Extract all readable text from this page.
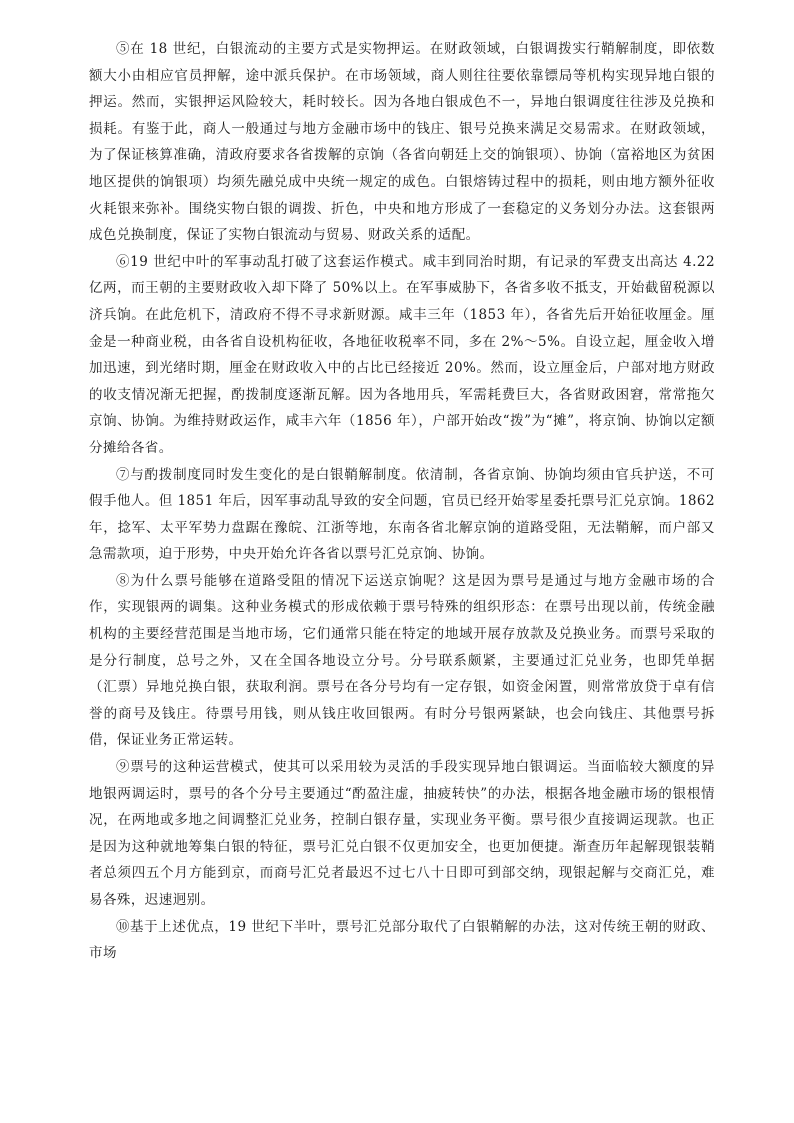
⑤在 18 世纪，白银流动的主要方式是实物押运。在财政领域，白银调拨实行鞘解制度，即依数额大小由相应官员押解，途中派兵保护。在市场领域，商人则往往要依靠镖局等机构实现异地白银的押运。然而，实银押运风险较大，耗时较长。因为各地白银成色不一，异地白银调度往往涉及兑换和损耗。有鉴于此，商人一般通过与地方金融市场中的钱庄、银号兑换来满足交易需求。在财政领域，为了保证核算准确，清政府要求各省拨解的京饷（各省向朝廷上交的饷银项）、协饷（富裕地区为贫困地区提供的饷银项）均须先融兑成中央统一规定的成色。白银熔铸过程中的损耗，则由地方额外征收火耗银来弥补。围绕实物白银的调拨、折色，中央和地方形成了一套稳定的义务划分办法。这套银两成色兑换制度，保证了实物白银流动与贸易、财政关系的适配。

⑥19 世纪中叶的军事动乱打破了这套运作模式。咸丰到同治时期，有记录的军费支出高达 4.22 亿两，而王朝的主要财政收入却下降了 50%以上。在军事威胁下，各省多收不抵支，开始截留税源以济兵饷。在此危机下，清政府不得不寻求新财源。咸丰三年（1853 年），各省先后开始征收厘金。厘金是一种商业税，由各省自设机构征收，各地征收税率不同，多在 2%～5%。自设立起，厘金收入增加迅速，到光绪时期，厘金在财政收入中的占比已经接近 20%。然而，设立厘金后，户部对地方财政的收支情况渐无把握，酌拨制度逐渐瓦解。因为各地用兵，军需耗费巨大，各省财政困窘，常常拖欠京饷、协饷。为维持财政运作，咸丰六年（1856 年），户部开始改“拨”为“摊”，将京饷、协饷以定额分摊给各省。

⑦与酌拨制度同时发生变化的是白银鞘解制度。依清制，各省京饷、协饷均须由官兵护送，不可假手他人。但 1851 年后，因军事动乱导致的安全问题，官员已经开始零星委托票号汇兑京饷。1862 年，捻军、太平军势力盘踞在豫皖、江浙等地，东南各省北解京饷的道路受阻，无法鞘解，而户部又急需款项，迫于形势，中央开始允许各省以票号汇兑京饷、协饷。

⑧为什么票号能够在道路受阻的情况下运送京饷呢？这是因为票号是通过与地方金融市场的合作，实现银两的调集。这种业务模式的形成依赖于票号特殊的组织形态：在票号出现以前，传统金融机构的主要经营范围是当地市场，它们通常只能在特定的地域开展存放款及兑换业务。而票号采取的是分行制度，总号之外，又在全国各地设立分号。分号联系颇紧，主要通过汇兑业务，也即凭单据（汇票）异地兑换白银，获取利润。票号在各分号均有一定存银，如资金闲置，则常常放贷于卓有信誉的商号及钱庄。待票号用钱，则从钱庄收回银两。有时分号银两紧缺，也会向钱庄、其他票号拆借，保证业务正常运转。

⑨票号的这种运营模式，使其可以采用较为灵活的手段实现异地白银调运。当面临较大额度的异地银两调运时，票号的各个分号主要通过“酌盈注虚，抽疲转快”的办法，根据各地金融市场的银根情况，在两地或多地之间调整汇兑业务，控制白银存量，实现业务平衡。票号很少直接调运现款。也正是因为这种就地筹集白银的特征，票号汇兑白银不仅更加安全，也更加便捷。渐查历年起解现银装鞘者总须四五个月方能到京，而商号汇兑者最迟不过七八十日即可到部交纳，现银起解与交商汇兑，难易各殊，迟速迥别。

⑩基于上述优点，19 世纪下半叶，票号汇兑部分取代了白银鞘解的办法，这对传统王朝的财政、市场
